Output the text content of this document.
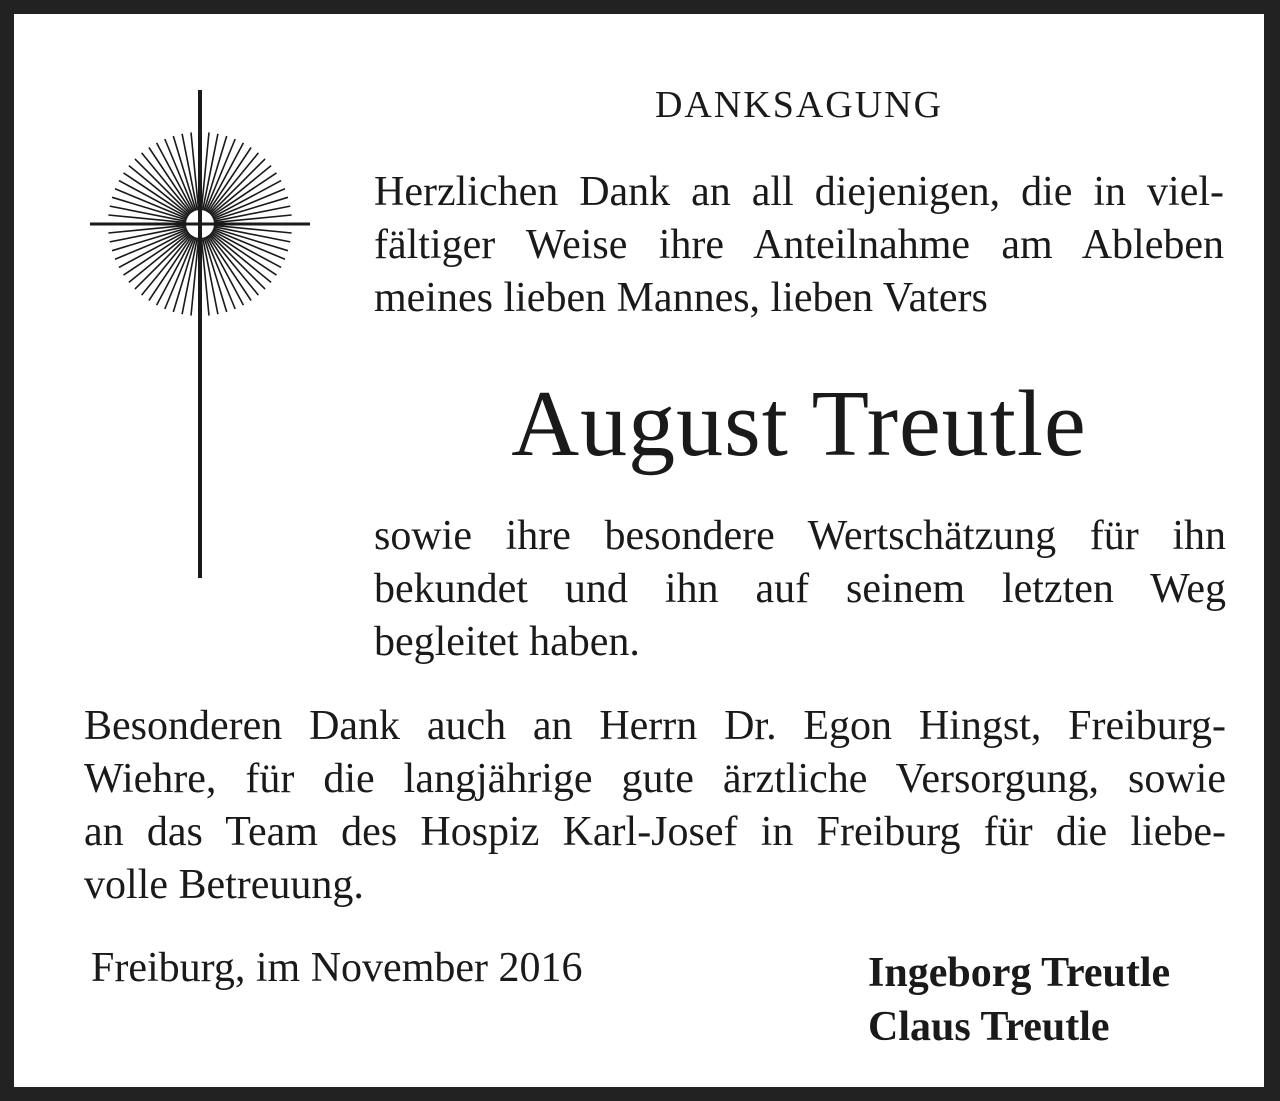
DANKSAGUNG
Herzlichen Dank an all diejenigen, die in viel-
fältiger Weise ihre Anteilnahme am Ableben
meines lieben Mannes, lieben Vaters
August Treutle
sowie ihre besondere Wertschätzung für ihn
bekundet und ihn auf seinem letzten Weg
begleitet haben.
Besonderen Dank auch an Herrn Dr. Egon Hingst, Freiburg-
Wiehre, für die langjährige gute ärztliche Versorgung, sowie
an das Team des Hospiz Karl-Josef in Freiburg für die liebe-
volle Betreuung.
Freiburg, im November 2016	Ingeborg Treutle
Claus Treutle
